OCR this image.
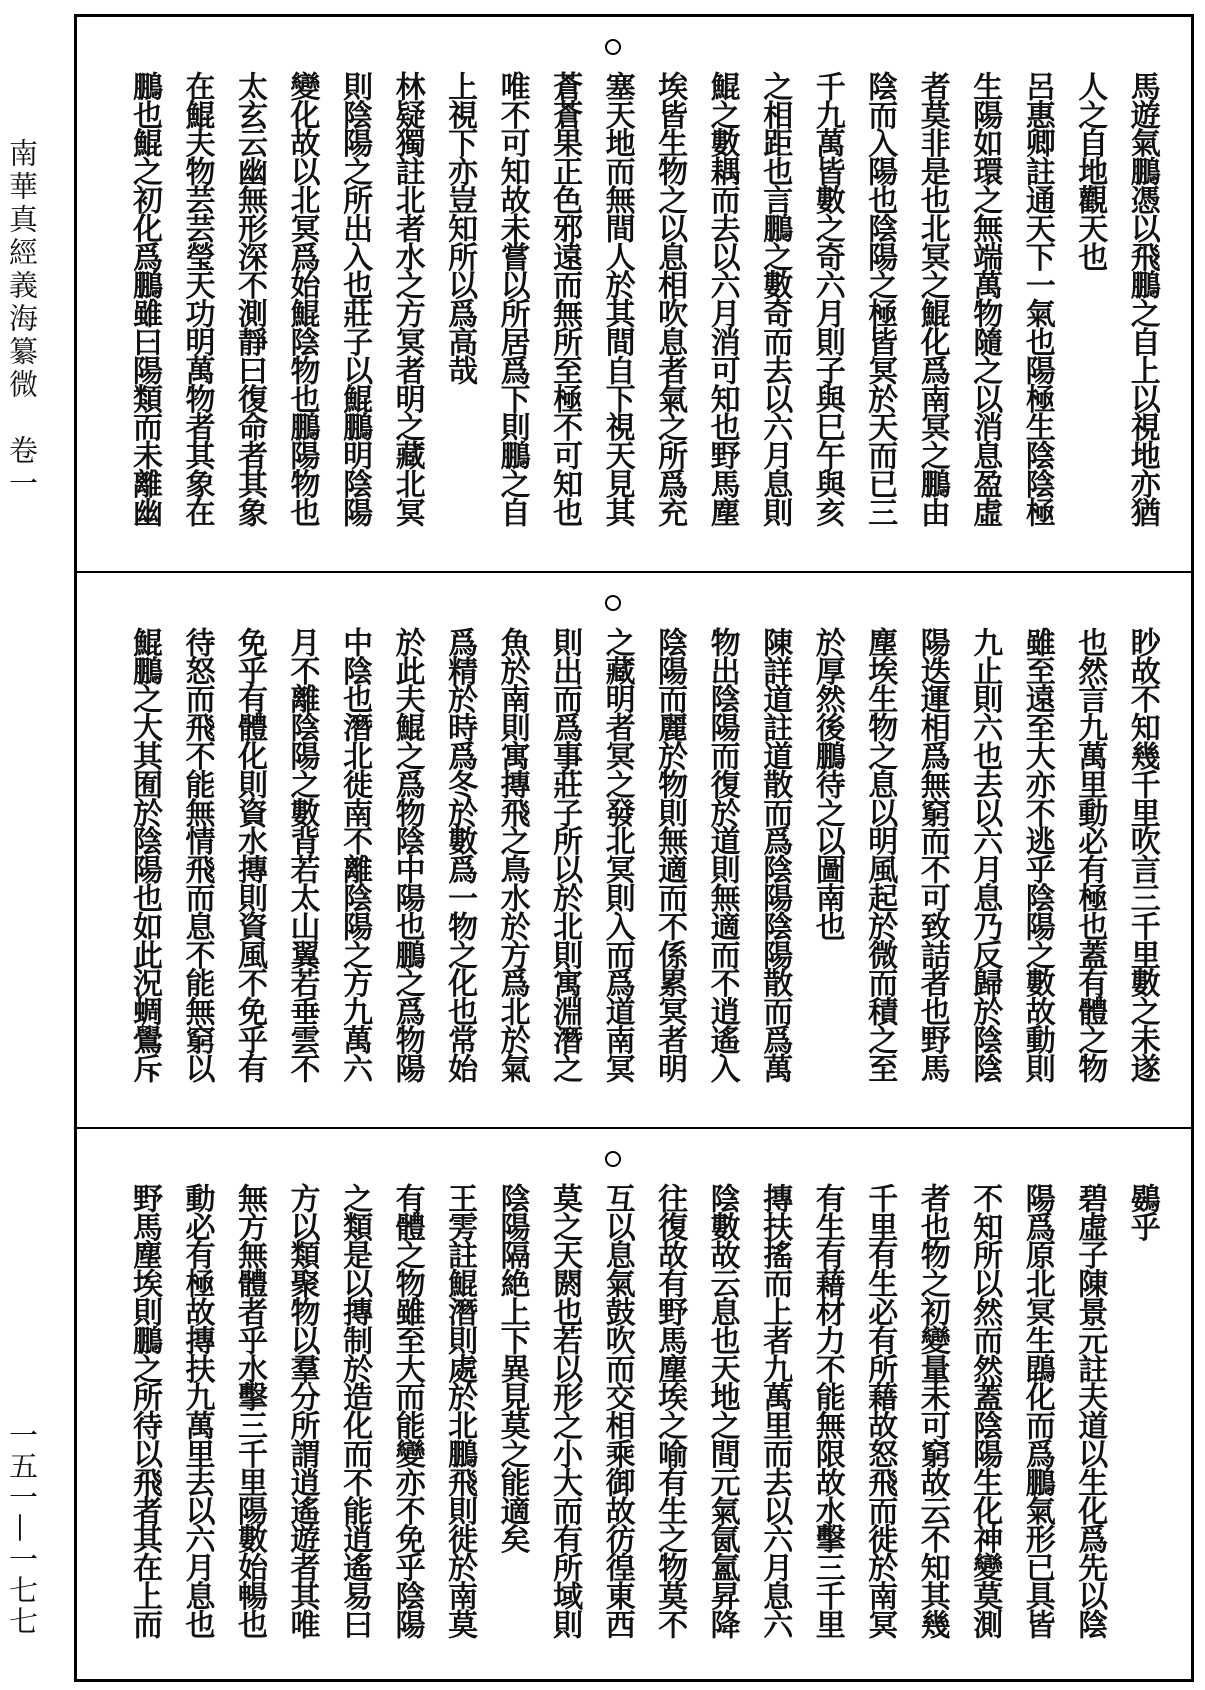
南華真經義海纂微　卷一
一五一—一七七
馬遊氣鵬憑以飛鵬之自上以視地亦猶
人之自地觀天也
呂惠卿註通天下一氣也陽極生陰陰極
生陽如環之無端萬物隨之以消息盈虛
者莫非是也北冥之鯤化爲南冥之鵬由
陰而入陽也陰陽之極皆冥於天而已三
千九萬皆數之奇六月則子與巳午與亥
之相距也言鵬之數奇而去以六月息則
鯤之數耦而去以六月消可知也野馬塵
埃皆生物之以息相吹息者氣之所爲充
塞天地而無間人於其間自下視天見其
蒼蒼果正色邪遠而無所至極不可知也
唯不可知故未嘗以所居爲下則鵬之自
上視下亦豈知所以爲高哉
林疑獨註北者水之方冥者明之藏北冥
則陰陽之所出入也莊子以鯤鵬明陰陽
變化故以北冥爲始鯤陰物也鵬陽物也
太玄云幽無形深不測靜曰復命者其象
在鯤夫物芸芸瑩天功明萬物者其象在
鵬也鯤之初化爲鵬雖曰陽類而未離幽
眇故不知幾千里吹言三千里數之未遂
也然言九萬里動必有極也蓋有體之物
雖至遠至大亦不逃乎陰陽之數故動則
九止則六也去以六月息乃反歸於陰陰
陽迭運相爲無窮而不可致詰者也野馬
塵埃生物之息以明風起於微而積之至
於厚然後鵬待之以圖南也
陳詳道註道散而爲陰陽陰陽散而爲萬
物出陰陽而復於道則無適而不逍遙入
陰陽而麗於物則無適而不係累冥者明
之藏明者冥之發北冥則入而爲道南冥
則出而爲事莊子所以於北則寓淵潛之
魚於南則寓摶飛之鳥水於方爲北於氣
爲精於時爲冬於數爲一物之化也常始
於此夫鯤之爲物陰中陽也鵬之爲物陽
中陰也潛北徙南不離陰陽之方九萬六
月不離陰陽之數背若太山翼若垂雲不
免乎有體化則資水摶則資風不免乎有
待怒而飛不能無情飛而息不能無窮以
鯤鵬之大其囿於陰陽也如此況蜩鷽斥
鷃乎
碧虛子陳景元註夫道以生化爲先以陰
陽爲原北冥生鵾化而爲鵬氣形已具皆
不知所以然而然蓋陰陽生化神變莫測
者也物之初變量未可窮故云不知其幾
千里有生必有所藉故怒飛而徙於南冥
有生有藉材力不能無限故水擊三千里
摶扶搖而上者九萬里而去以六月息六
陰數故云息也天地之間元氣氤氳昇降
往復故有野馬塵埃之喻有生之物莫不
互以息氣鼓吹而交相乘御故彷徨東西
莫之天閼也若以形之小大而有所域則
陰陽隔絶上下異見莫之能適矣
王雱註鯤潛則處於北鵬飛則徙於南莫
有體之物雖至大而能變亦不免乎陰陽
之類是以摶制於造化而不能逍遙易曰
方以類聚物以羣分所謂逍遙遊者其唯
無方無體者乎水擊三千里陽數始暢也
動必有極故摶扶九萬里去以六月息也
野馬塵埃則鵬之所待以飛者其在上而
